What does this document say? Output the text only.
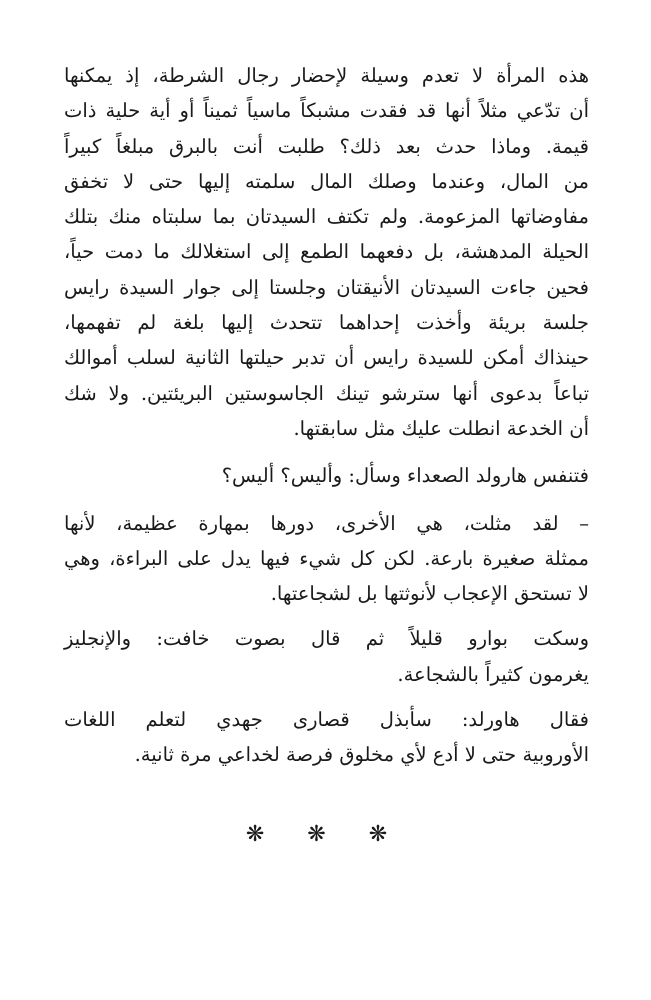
هذه المرأة لا تعدم وسيلة لإحضار رجال الشرطة، إذ يمكنها
أن تدّعي مثلاً أنها قد فقدت مشبكاً ماسياً ثميناً أو أية حلية ذات
قيمة. وماذا حدث بعد ذلك؟ طلبت أنت بالبرق مبلغاً كبيراً
من المال، وعندما وصلك المال سلمته إليها حتى لا تخفق
مفاوضاتها المزعومة. ولم تكتف السيدتان بما سلبتاه منك بتلك
الحيلة المدهشة، بل دفعهما الطمع إلى استغلالك ما دمت حياً،
فحين جاءت السيدتان الأنيقتان وجلستا إلى جوار السيدة رايس
جلسة بريئة وأخذت إحداهما تتحدث إليها بلغة لم تفهمها،
حينذاك أمكن للسيدة رايس أن تدبر حيلتها الثانية لسلب أموالك
تباعاً بدعوى أنها سترشو تينك الجاسوستين البريئتين. ولا شك
أن الخدعة انطلت عليك مثل سابقتها.
فتنفس هارولد الصعداء وسأل: وأليس؟ أليس؟
– لقد مثلت، هي الأخرى، دورها بمهارة عظيمة، لأنها
ممثلة صغيرة بارعة. لكن كل شيء فيها يدل على البراءة، وهي
لا تستحق الإعجاب لأنوثتها بل لشجاعتها.
وسكت بوارو قليلاً ثم قال بصوت خافت: والإنجليز
يغرمون كثيراً بالشجاعة.
فقال هاورلد: سأبذل قصارى جهدي لتعلم اللغات
الأوروبية حتى لا أدع لأي مخلوق فرصة لخداعي مرة ثانية.
❋ ❋ ❋
